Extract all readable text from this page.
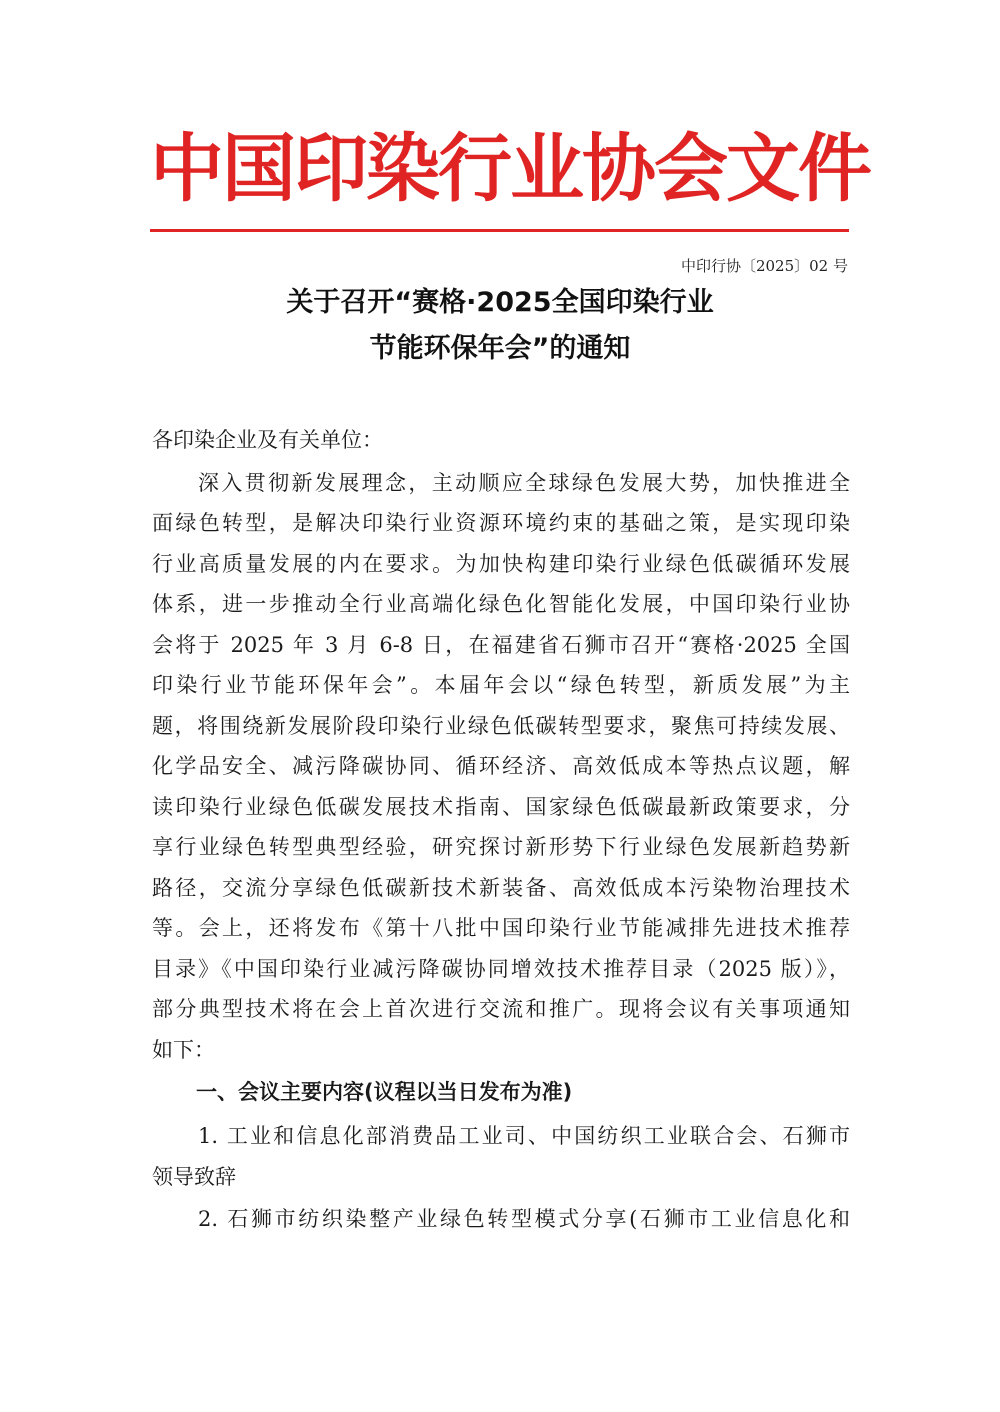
中国印染行业协会文件
中印行协〔2025〕02 号
关于召开“赛格·2025全国印染行业
节能环保年会”的通知
各印染企业及有关单位：
深入贯彻新发展理念，主动顺应全球绿色发展大势，加快推进全
面绿色转型，是解决印染行业资源环境约束的基础之策，是实现印染
行业高质量发展的内在要求。为加快构建印染行业绿色低碳循环发展
体系，进一步推动全行业高端化绿色化智能化发展，中国印染行业协
会将于 2025 年 3 月 6-8 日，在福建省石狮市召开“赛格·2025 全国
印染行业节能环保年会”。本届年会以“绿色转型，新质发展”为主
题，将围绕新发展阶段印染行业绿色低碳转型要求，聚焦可持续发展、
化学品安全、减污降碳协同、循环经济、高效低成本等热点议题，解
读印染行业绿色低碳发展技术指南、国家绿色低碳最新政策要求，分
享行业绿色转型典型经验，研究探讨新形势下行业绿色发展新趋势新
路径，交流分享绿色低碳新技术新装备、高效低成本污染物治理技术
等。会上，还将发布《第十八批中国印染行业节能减排先进技术推荐
目录》《中国印染行业减污降碳协同增效技术推荐目录（2025 版）》，
部分典型技术将在会上首次进行交流和推广。现将会议有关事项通知
如下：
一、会议主要内容(议程以当日发布为准)
1. 工业和信息化部消费品工业司、中国纺织工业联合会、石狮市
领导致辞
2. 石狮市纺织染整产业绿色转型模式分享(石狮市工业信息化和
